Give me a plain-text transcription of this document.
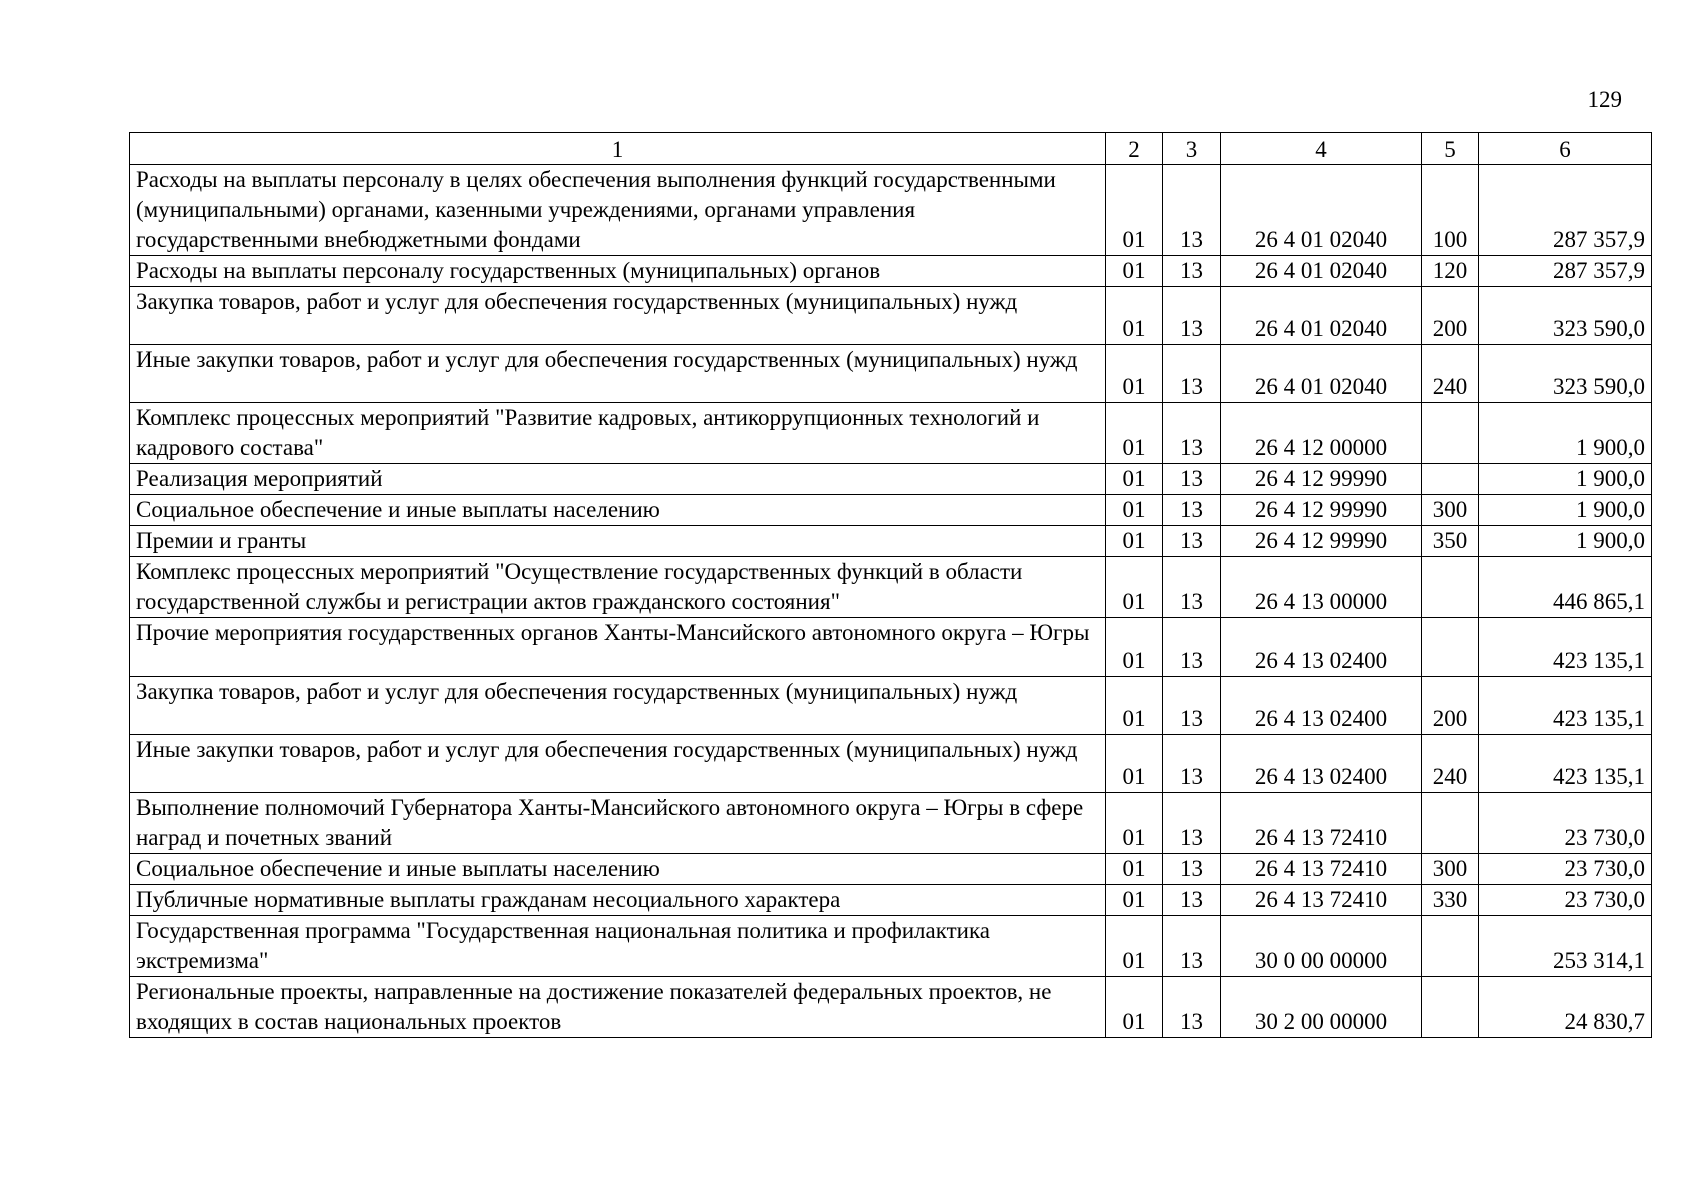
129
1	2	3	4	5	6
Расходы на выплаты персоналу в целях обеспечения выполнения функций государственными (муниципальными) органами, казенными учреждениями, органами управления государственными внебюджетными фондами	01	13	26 4 01 02040	100	287 357,9
Расходы на выплаты персоналу государственных (муниципальных) органов	01	13	26 4 01 02040	120	287 357,9
Закупка товаров, работ и услуг для обеспечения государственных (муниципальных) нужд	01	13	26 4 01 02040	200	323 590,0
Иные закупки товаров, работ и услуг для обеспечения государственных (муниципальных) нужд	01	13	26 4 01 02040	240	323 590,0
Комплекс процессных мероприятий "Развитие кадровых, антикоррупционных технологий и кадрового состава"	01	13	26 4 12 00000		1 900,0
Реализация мероприятий	01	13	26 4 12 99990		1 900,0
Социальное обеспечение и иные выплаты населению	01	13	26 4 12 99990	300	1 900,0
Премии и гранты	01	13	26 4 12 99990	350	1 900,0
Комплекс процессных мероприятий "Осуществление государственных функций в области государственной службы и регистрации актов гражданского состояния"	01	13	26 4 13 00000		446 865,1
Прочие мероприятия государственных органов Ханты-Мансийского автономного округа – Югры	01	13	26 4 13 02400		423 135,1
Закупка товаров, работ и услуг для обеспечения государственных (муниципальных) нужд	01	13	26 4 13 02400	200	423 135,1
Иные закупки товаров, работ и услуг для обеспечения государственных (муниципальных) нужд	01	13	26 4 13 02400	240	423 135,1
Выполнение полномочий Губернатора Ханты-Мансийского автономного округа – Югры в сфере наград и почетных званий	01	13	26 4 13 72410		23 730,0
Социальное обеспечение и иные выплаты населению	01	13	26 4 13 72410	300	23 730,0
Публичные нормативные выплаты гражданам несоциального характера	01	13	26 4 13 72410	330	23 730,0
Государственная программа "Государственная национальная политика и профилактика экстремизма"	01	13	30 0 00 00000		253 314,1
Региональные проекты, направленные на достижение показателей федеральных проектов, не входящих в состав национальных проектов	01	13	30 2 00 00000		24 830,7
